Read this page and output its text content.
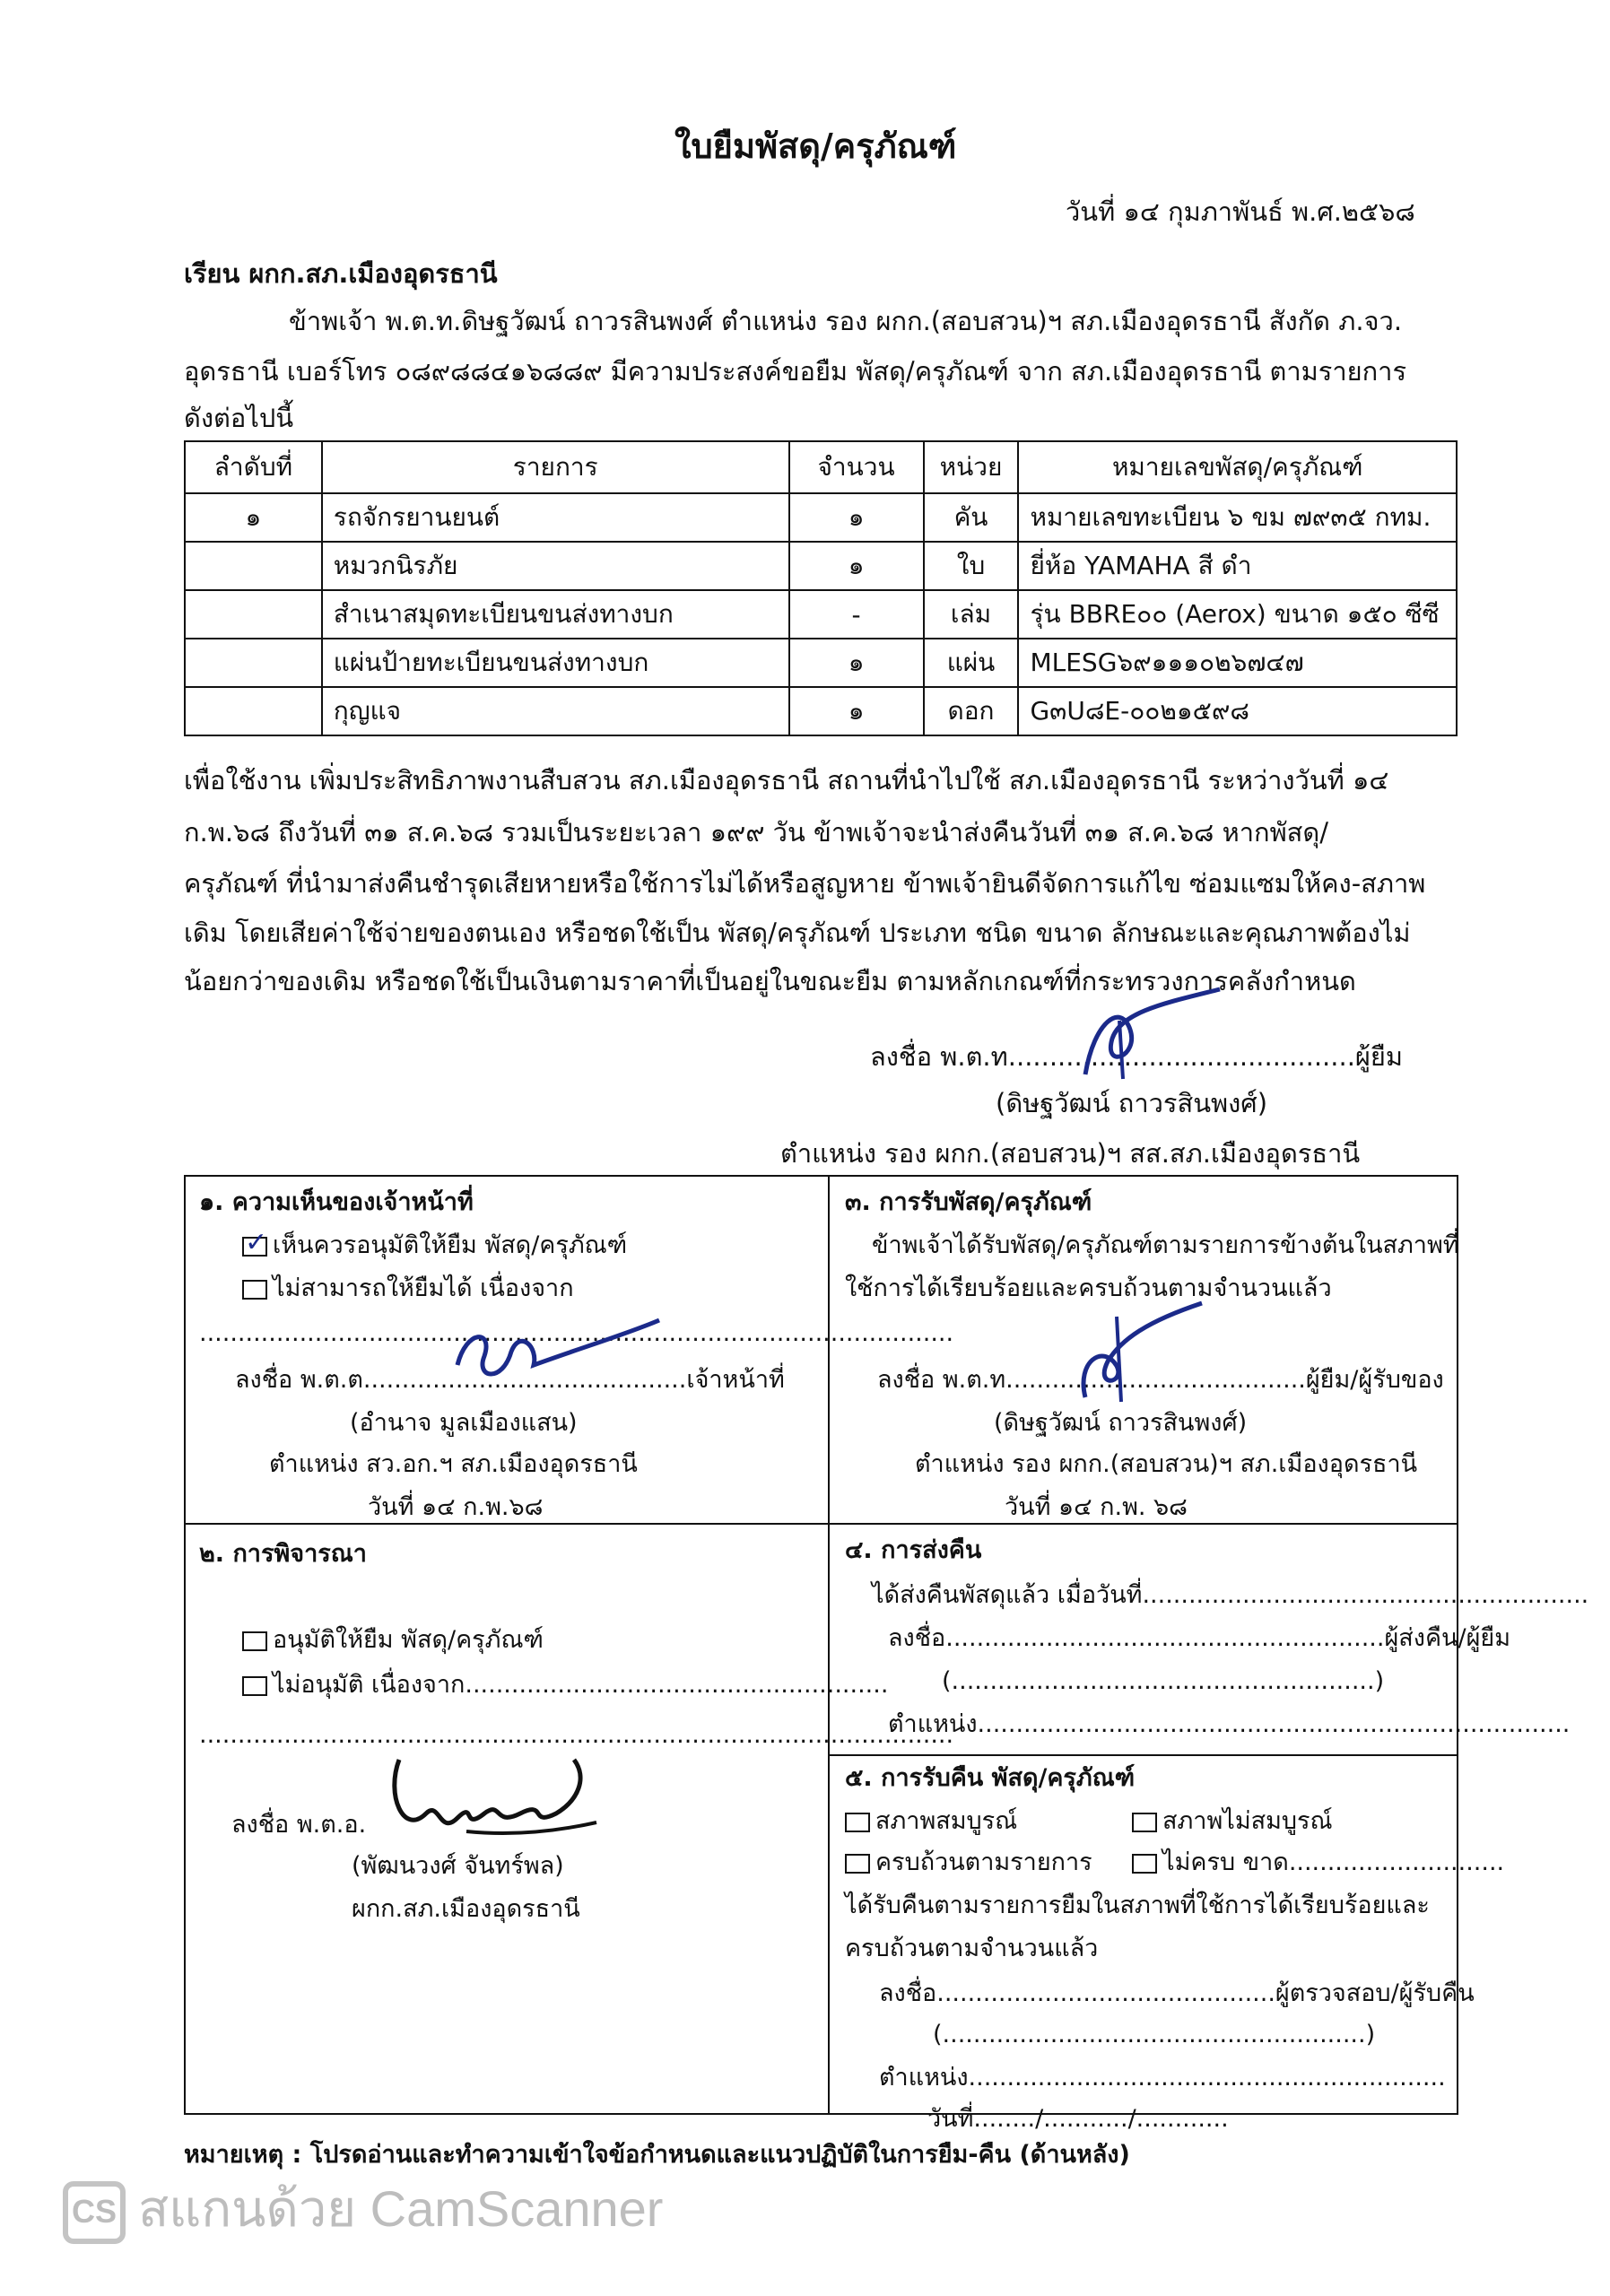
ใบยืมพัสดุ/ครุภัณฑ์
วันที่ ๑๔ กุมภาพันธ์ พ.ศ.๒๕๖๘
เรียน ผกก.สภ.เมืองอุดรธานี
ข้าพเจ้า พ.ต.ท.ดิษฐวัฒน์ ถาวรสินพงศ์ ตำแหน่ง รอง ผกก.(สอบสวน)ฯ สภ.เมืองอุดรธานี สังกัด ภ.จว.
อุดรธานี เบอร์โทร ๐๘๙๘๘๔๑๖๘๘๙ มีความประสงค์ขอยืม พัสดุ/ครุภัณฑ์ จาก สภ.เมืองอุดรธานี ตามรายการ
ดังต่อไปนี้
ลำดับที่	รายการ	จำนวน	หน่วย	หมายเลขพัสดุ/ครุภัณฑ์
๑	รถจักรยานยนต์	๑	คัน	หมายเลขทะเบียน ๖ ขม ๗๙๓๕ กทม.
	หมวกนิรภัย	๑	ใบ	ยี่ห้อ YAMAHA สี ดำ
	สำเนาสมุดทะเบียนขนส่งทางบก	-	เล่ม	รุ่น BBRE๐๐ (Aerox) ขนาด ๑๕๐ ซีซี
	แผ่นป้ายทะเบียนขนส่งทางบก	๑	แผ่น	MLESG๖๙๑๑๑๐๒๖๗๔๗
	กุญแจ	๑	ดอก	G๓U๘E-๐๐๒๑๕๙๘
เพื่อใช้งาน เพิ่มประสิทธิภาพงานสืบสวน สภ.เมืองอุดรธานี สถานที่นำไปใช้ สภ.เมืองอุดรธานี ระหว่างวันที่ ๑๔
ก.พ.๖๘ ถึงวันที่ ๓๑ ส.ค.๖๘ รวมเป็นระยะเวลา ๑๙๙ วัน ข้าพเจ้าจะนำส่งคืนวันที่ ๓๑ ส.ค.๖๘ หากพัสดุ/
ครุภัณฑ์ ที่นำมาส่งคืนชำรุดเสียหายหรือใช้การไม่ได้หรือสูญหาย ข้าพเจ้ายินดีจัดการแก้ไข ซ่อมแซมให้คง-สภาพ
เดิม โดยเสียค่าใช้จ่ายของตนเอง หรือชดใช้เป็น พัสดุ/ครุภัณฑ์ ประเภท ชนิด ขนาด ลักษณะและคุณภาพต้องไม่
น้อยกว่าของเดิม หรือชดใช้เป็นเงินตามราคาที่เป็นอยู่ในขณะยืม ตามหลักเกณฑ์ที่กระทรวงการคลังกำหนด
ลงชื่อ พ.ต.ท..........................................ผู้ยืม
(ดิษฐวัฒน์ ถาวรสินพงศ์)
ตำแหน่ง รอง ผกก.(สอบสวน)ฯ สส.สภ.เมืองอุดรธานี
๑. ความเห็นของเจ้าหน้าที่
✓เห็นควรอนุมัติให้ยืม พัสดุ/ครุภัณฑ์
ไม่สามารถให้ยืมได้ เนื่องจาก
..................................................................................................
ลงชื่อ พ.ต.ต..........................................เจ้าหน้าที่
(อำนาจ มูลเมืองแสน)
ตำแหน่ง สว.อก.ฯ สภ.เมืองอุดรธานี
วันที่ ๑๔ ก.พ.๖๘
๓. การรับพัสดุ/ครุภัณฑ์
ข้าพเจ้าได้รับพัสดุ/ครุภัณฑ์ตามรายการข้างต้นในสภาพที่
ใช้การได้เรียบร้อยและครบถ้วนตามจำนวนแล้ว
ลงชื่อ พ.ต.ท.......................................ผู้ยืม/ผู้รับของ
(ดิษฐวัฒน์ ถาวรสินพงศ์)
ตำแหน่ง รอง ผกก.(สอบสวน)ฯ สภ.เมืองอุดรธานี
วันที่ ๑๔ ก.พ. ๖๘
๒. การพิจารณา
อนุมัติให้ยืม พัสดุ/ครุภัณฑ์
ไม่อนุมัติ เนื่องจาก.......................................................
..................................................................................................
ลงชื่อ พ.ต.อ.
(พัฒนวงศ์ จันทร์พล)
ผกก.สภ.เมืองอุดรธานี
๔. การส่งคืน
ได้ส่งคืนพัสดุแล้ว เมื่อวันที่..........................................................
ลงชื่อ.........................................................ผู้ส่งคืน/ผู้ยืม
(.......................................................)
ตำแหน่ง.............................................................................
๕. การรับคืน พัสดุ/ครุภัณฑ์
สภาพสมบูรณ์	สภาพไม่สมบูรณ์
ครบถ้วนตามรายการ	ไม่ครบ ขาด............................
ได้รับคืนตามรายการยืมในสภาพที่ใช้การได้เรียบร้อยและ
ครบถ้วนตามจำนวนแล้ว
ลงชื่อ............................................ผู้ตรวจสอบ/ผู้รับคืน
(.......................................................)
ตำแหน่ง..............................................................
วันที่......../.........../............
หมายเหตุ : โปรดอ่านและทำความเข้าใจข้อกำหนดและแนวปฏิบัติในการยืม-คืน (ด้านหลัง)
CS สแกนด้วย CamScanner
